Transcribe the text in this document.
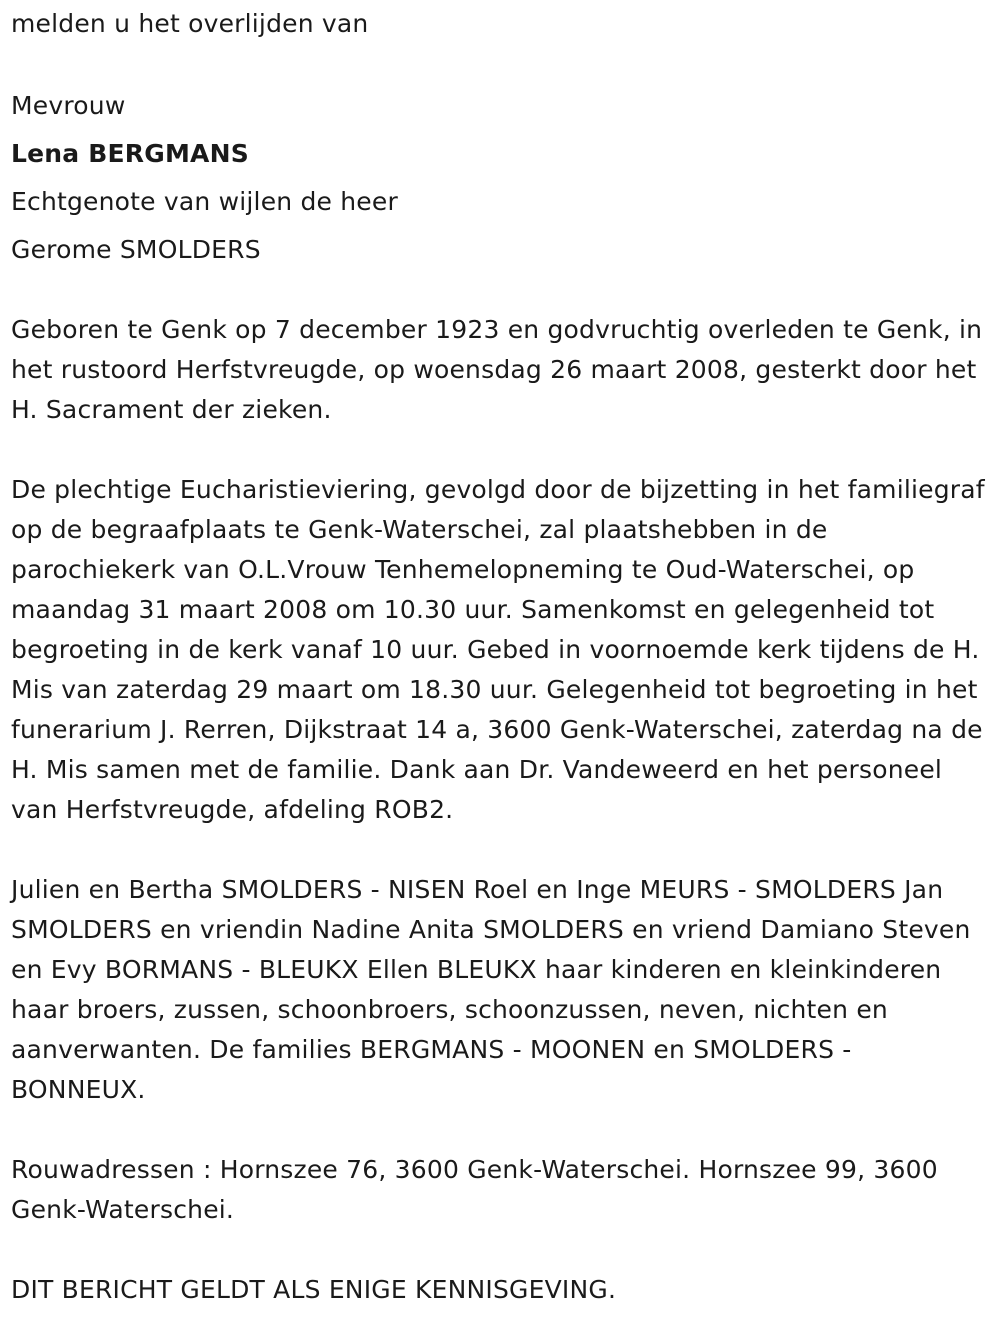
melden u het overlijden van

Mevrouw

Lena BERGMANS

Echtgenote van wijlen de heer

Gerome SMOLDERS

Geboren te Genk op 7 december 1923 en godvruchtig overleden te Genk, in het rustoord Herfstvreugde, op woensdag 26 maart 2008, gesterkt door het H. Sacrament der zieken.

De plechtige Eucharistieviering, gevolgd door de bijzetting in het familiegraf op de begraafplaats te Genk-Waterschei, zal plaatshebben in de parochiekerk van O.L.Vrouw Tenhemelopneming te Oud-Waterschei, op maandag 31 maart 2008 om 10.30 uur. Samenkomst en gelegenheid tot begroeting in de kerk vanaf 10 uur. Gebed in voornoemde kerk tijdens de H. Mis van zaterdag 29 maart om 18.30 uur. Gelegenheid tot begroeting in het funerarium J. Rerren, Dijkstraat 14 a, 3600 Genk-Waterschei, zaterdag na de H. Mis samen met de familie. Dank aan Dr. Vandeweerd en het personeel van Herfstvreugde, afdeling ROB2.

Julien en Bertha SMOLDERS - NISEN Roel en Inge MEURS - SMOLDERS Jan SMOLDERS en vriendin Nadine Anita SMOLDERS en vriend Damiano Steven en Evy BORMANS - BLEUKX Ellen BLEUKX haar kinderen en kleinkinderen haar broers, zussen, schoonbroers, schoonzussen, neven, nichten en aanverwanten. De families BERGMANS - MOONEN en SMOLDERS - BONNEUX.

Rouwadressen : Hornszee 76, 3600 Genk-Waterschei. Hornszee 99, 3600 Genk-Waterschei.

DIT BERICHT GELDT ALS ENIGE KENNISGEVING.
